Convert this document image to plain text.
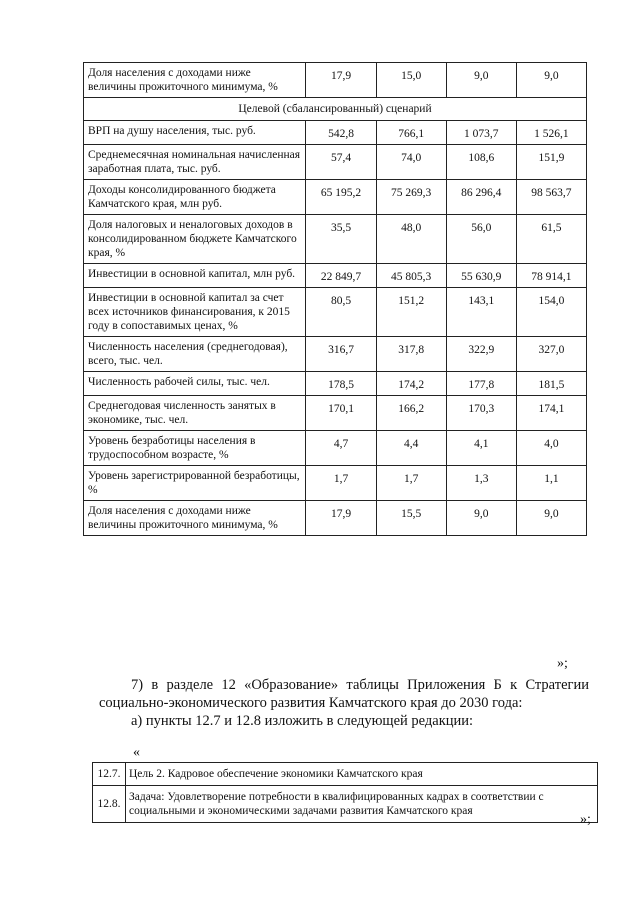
Доля населения с доходами ниже величины прожиточного минимума, %	17,9	15,0	9,0	9,0
Целевой (сбалансированный) сценарий				
ВРП на душу населения, тыс. руб.	542,8	766,1	1 073,7	1 526,1
Среднемесячная номинальная начисленная заработная плата, тыс. руб.	57,4	74,0	108,6	151,9
Доходы консолидированного бюджета Камчатского края, млн руб.	65 195,2	75 269,3	86 296,4	98 563,7
Доля налоговых и неналоговых доходов в консолидированном бюджете Камчатского края, %	35,5	48,0	56,0	61,5
Инвестиции в основной капитал, млн руб.	22 849,7	45 805,3	55 630,9	78 914,1
Инвестиции в основной капитал за счет всех источников финансирования, к 2015 году в сопоставимых ценах, %	80,5	151,2	143,1	154,0
Численность населения (среднегодовая), всего, тыс. чел.	316,7	317,8	322,9	327,0
Численность рабочей силы, тыс. чел.	178,5	174,2	177,8	181,5
Среднегодовая численность занятых в экономике, тыс. чел.	170,1	166,2	170,3	174,1
Уровень безработицы населения в трудоспособном возрасте, %	4,7	4,4	4,1	4,0
Уровень зарегистрированной безработицы, %	1,7	1,7	1,3	1,1
Доля населения с доходами ниже величины прожиточного минимума, %	17,9	15,5	9,0	9,0
»;

7) в разделе 12 «Образование» таблицы Приложения Б к Стратегии социально-экономического развития Камчатского края до 2030 года:

а) пункты 12.7 и 12.8 изложить в следующей редакции:

«
12.7.	Цель 2. Кадровое обеспечение экономики Камчатского края
12.8.	Задача: Удовлетворение потребности в квалифицированных кадрах в соответствии с социальными и экономическими задачами развития Камчатского края
»;
